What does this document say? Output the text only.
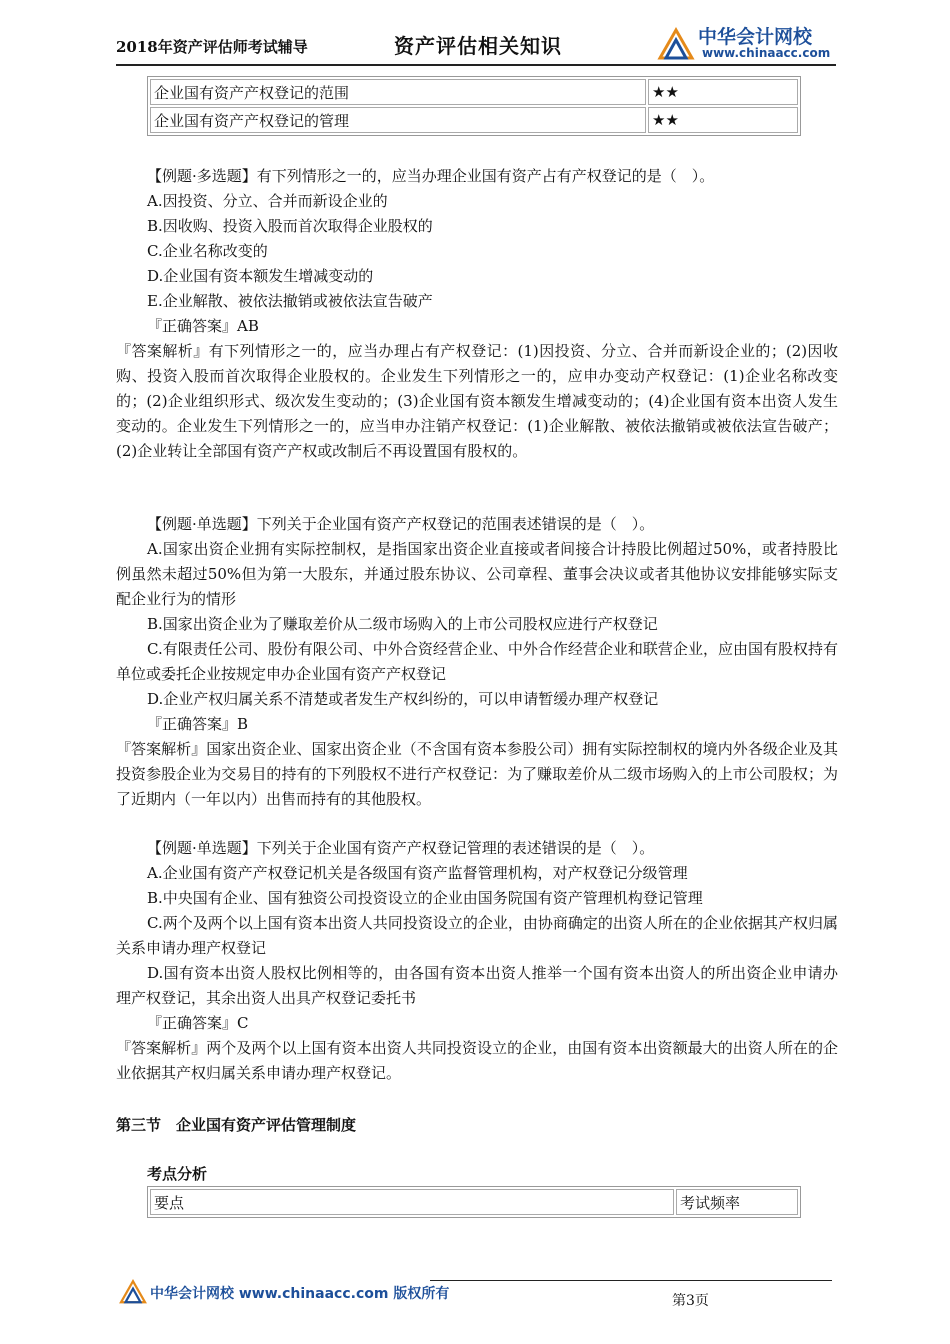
2018年资产评估师考试辅导	资产评估相关知识	中华会计网校
www.chinaacc.com
企业国有资产产权登记的范围	★★
企业国有资产产权登记的管理	★★
【例题·多选题】有下列情形之一的，应当办理企业国有资产占有产权登记的是（　）。
A.因投资、分立、合并而新设企业的
B.因收购、投资入股而首次取得企业股权的
C.企业名称改变的
D.企业国有资本额发生增减变动的
E.企业解散、被依法撤销或被依法宣告破产
『正确答案』AB
『答案解析』有下列情形之一的，应当办理占有产权登记：(1)因投资、分立、合并而新设企业的；(2)因收购、投资入股而首次取得企业股权的。企业发生下列情形之一的，应申办变动产权登记：(1)企业名称改变的；(2)企业组织形式、级次发生变动的；(3)企业国有资本额发生增减变动的；(4)企业国有资本出资人发生变动的。企业发生下列情形之一的，应当申办注销产权登记：(1)企业解散、被依法撤销或被依法宣告破产；(2)企业转让全部国有资产产权或改制后不再设置国有股权的。
【例题·单选题】下列关于企业国有资产产权登记的范围表述错误的是（　）。
A.国家出资企业拥有实际控制权，是指国家出资企业直接或者间接合计持股比例超过50%，或者持股比例虽然未超过50%但为第一大股东，并通过股东协议、公司章程、董事会决议或者其他协议安排能够实际支配企业行为的情形
B.国家出资企业为了赚取差价从二级市场购入的上市公司股权应进行产权登记
C.有限责任公司、股份有限公司、中外合资经营企业、中外合作经营企业和联营企业，应由国有股权持有单位或委托企业按规定申办企业国有资产产权登记
D.企业产权归属关系不清楚或者发生产权纠纷的，可以申请暂缓办理产权登记
『正确答案』B
『答案解析』国家出资企业、国家出资企业（不含国有资本参股公司）拥有实际控制权的境内外各级企业及其投资参股企业为交易目的持有的下列股权不进行产权登记：为了赚取差价从二级市场购入的上市公司股权；为了近期内（一年以内）出售而持有的其他股权。
【例题·单选题】下列关于企业国有资产产权登记管理的表述错误的是（　）。
A.企业国有资产产权登记机关是各级国有资产监督管理机构，对产权登记分级管理
B.中央国有企业、国有独资公司投资设立的企业由国务院国有资产管理机构登记管理
C.两个及两个以上国有资本出资人共同投资设立的企业，由协商确定的出资人所在的企业依据其产权归属关系申请办理产权登记
D.国有资本出资人股权比例相等的，由各国有资本出资人推举一个国有资本出资人的所出资企业申请办理产权登记，其余出资人出具产权登记委托书
『正确答案』C
『答案解析』两个及两个以上国有资本出资人共同投资设立的企业，由国有资本出资额最大的出资人所在的企业依据其产权归属关系申请办理产权登记。
第三节　企业国有资产评估管理制度
考点分析
要点	考试频率
中华会计网校 www.chinaacc.com 版权所有	第3页
